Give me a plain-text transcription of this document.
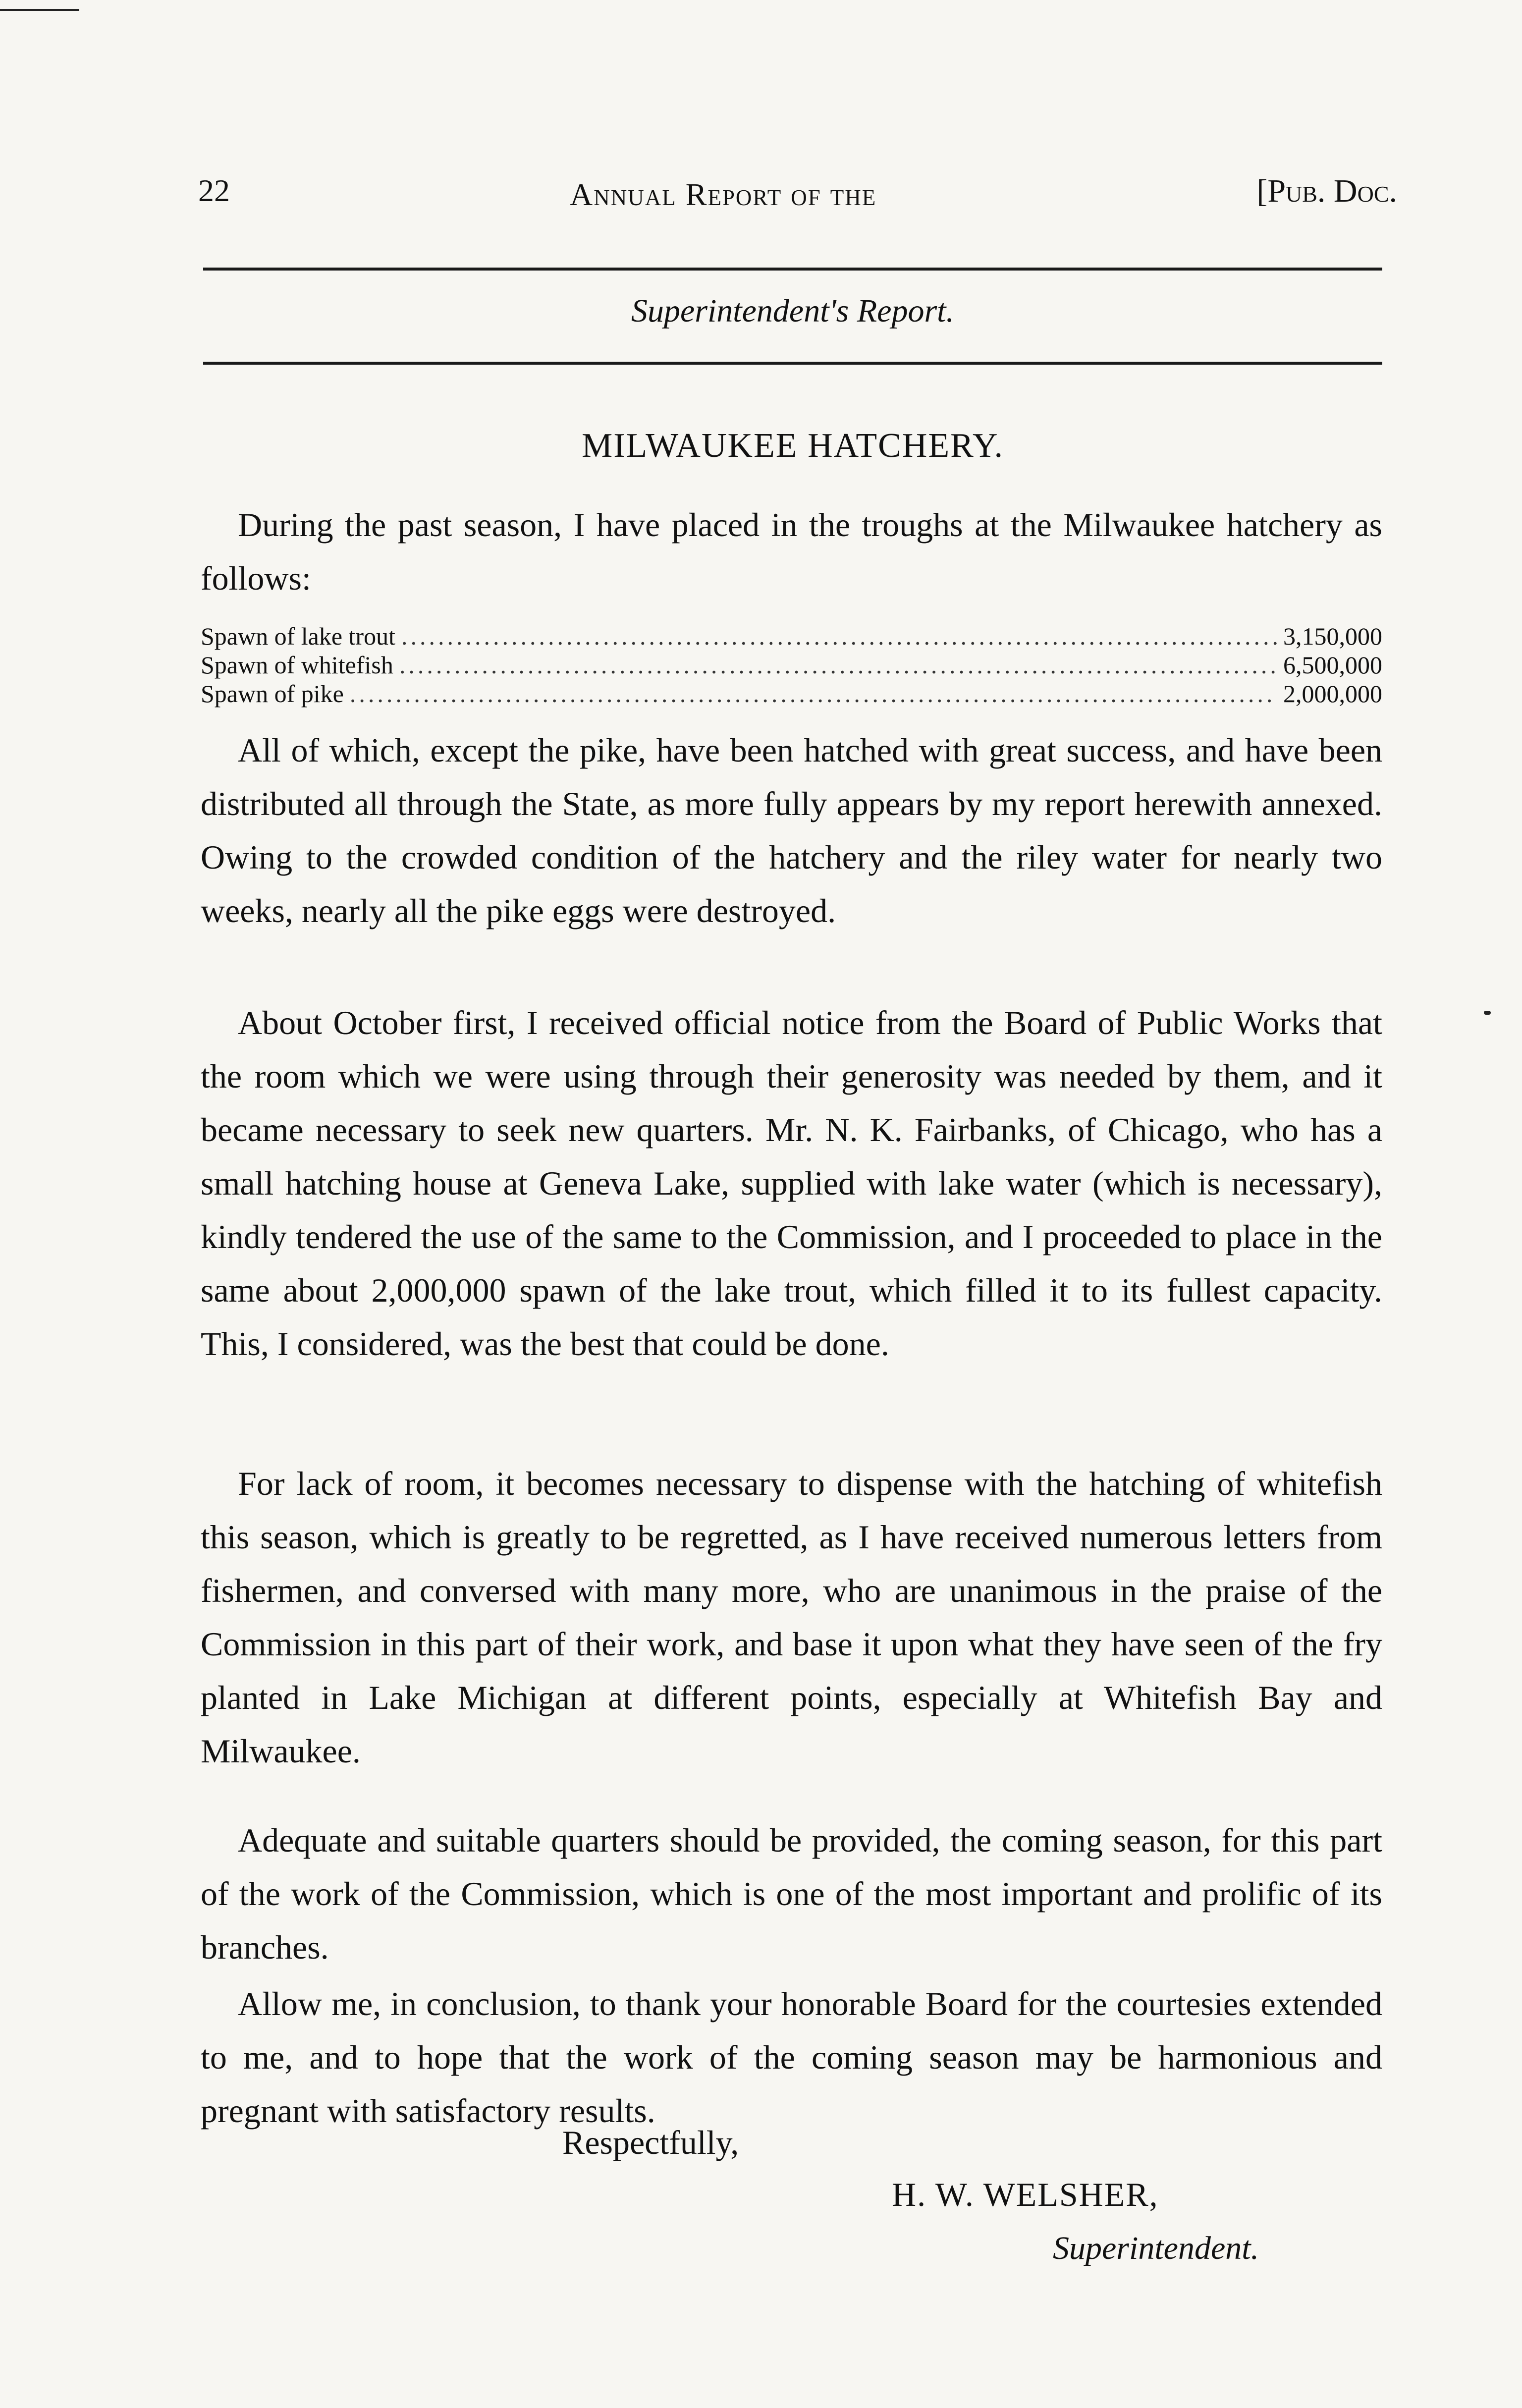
22	Annual Report of the	[Pub. Doc.
Superintendent's Report.
MILWAUKEE HATCHERY.
During the past season, I have placed in the troughs at the Milwaukee hatchery as follows:
Spawn of lake trout .....	3,150,000
Spawn of whitefish .....	6,500,000
Spawn of pike .....	2,000,000
All of which, except the pike, have been hatched with great success, and have been distributed all through the State, as more fully appears by my report herewith annexed. Owing to the crowded condition of the hatchery and the riley water for nearly two weeks, nearly all the pike eggs were destroyed.
About October first, I received official notice from the Board of Public Works that the room which we were using through their generosity was needed by them, and it became necessary to seek new quarters. Mr. N. K. Fairbanks, of Chicago, who has a small hatching house at Geneva Lake, supplied with lake water (which is necessary), kindly tendered the use of the same to the Commission, and I proceeded to place in the same about 2,000,000 spawn of the lake trout, which filled it to its fullest capacity. This, I considered, was the best that could be done.
For lack of room, it becomes necessary to dispense with the hatching of whitefish this season, which is greatly to be regretted, as I have received numerous letters from fishermen, and conversed with many more, who are unanimous in the praise of the Commission in this part of their work, and base it upon what they have seen of the fry planted in Lake Michigan at different points, especially at Whitefish Bay and Milwaukee.
Adequate and suitable quarters should be provided, the coming season, for this part of the work of the Commission, which is one of the most important and prolific of its branches.
Allow me, in conclusion, to thank your honorable Board for the courtesies extended to me, and to hope that the work of the coming season may be harmonious and pregnant with satisfactory results.
Respectfully,
H. W. WELSHER,
Superintendent.
